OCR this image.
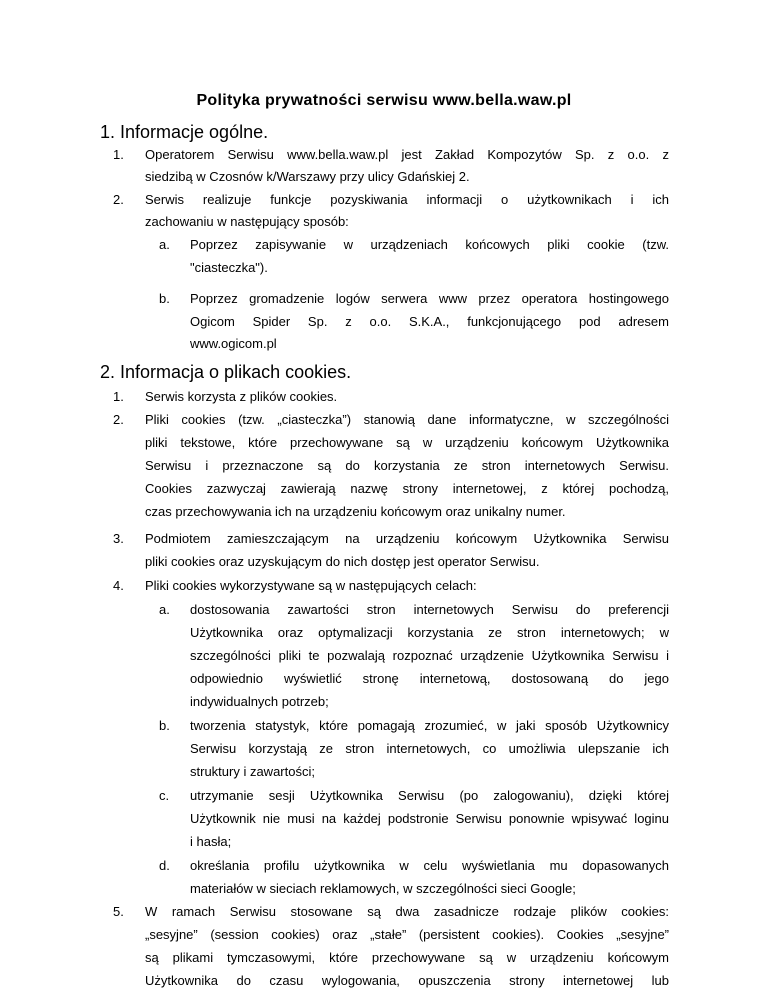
Polityka prywatności serwisu www.bella.waw.pl
1. Informacje ogólne.
1. Operatorem Serwisu www.bella.waw.pl jest Zakład Kompozytów Sp. z o.o. z
siedzibą w Czosnów k/Warszawy przy ulicy Gdańskiej 2.
2. Serwis realizuje funkcje pozyskiwania informacji o użytkownikach i ich
zachowaniu w następujący sposób:
a. Poprzez zapisywanie w urządzeniach końcowych pliki cookie (tzw.
"ciasteczka").
b. Poprzez gromadzenie logów serwera www przez operatora hostingowego
Ogicom Spider Sp. z o.o. S.K.A., funkcjonującego pod adresem
www.ogicom.pl
2. Informacja o plikach cookies.
1. Serwis korzysta z plików cookies.
2. Pliki cookies (tzw. „ciasteczka”) stanowią dane informatyczne, w szczególności
pliki tekstowe, które przechowywane są w urządzeniu końcowym Użytkownika
Serwisu i przeznaczone są do korzystania ze stron internetowych Serwisu.
Cookies zazwyczaj zawierają nazwę strony internetowej, z której pochodzą,
czas przechowywania ich na urządzeniu końcowym oraz unikalny numer.
3. Podmiotem zamieszczającym na urządzeniu końcowym Użytkownika Serwisu
pliki cookies oraz uzyskującym do nich dostęp jest operator Serwisu.
4. Pliki cookies wykorzystywane są w następujących celach:
a. dostosowania zawartości stron internetowych Serwisu do preferencji
Użytkownika oraz optymalizacji korzystania ze stron internetowych; w
szczególności pliki te pozwalają rozpoznać urządzenie Użytkownika Serwisu i
odpowiednio wyświetlić stronę internetową, dostosowaną do jego
indywidualnych potrzeb;
b. tworzenia statystyk, które pomagają zrozumieć, w jaki sposób Użytkownicy
Serwisu korzystają ze stron internetowych, co umożliwia ulepszanie ich
struktury i zawartości;
c. utrzymanie sesji Użytkownika Serwisu (po zalogowaniu), dzięki której
Użytkownik nie musi na każdej podstronie Serwisu ponownie wpisywać loginu
i hasła;
d. określania profilu użytkownika w celu wyświetlania mu dopasowanych
materiałów w sieciach reklamowych, w szczególności sieci Google;
5. W ramach Serwisu stosowane są dwa zasadnicze rodzaje plików cookies:
„sesyjne” (session cookies) oraz „stałe” (persistent cookies). Cookies „sesyjne”
są plikami tymczasowymi, które przechowywane są w urządzeniu końcowym
Użytkownika do czasu wylogowania, opuszczenia strony internetowej lub
